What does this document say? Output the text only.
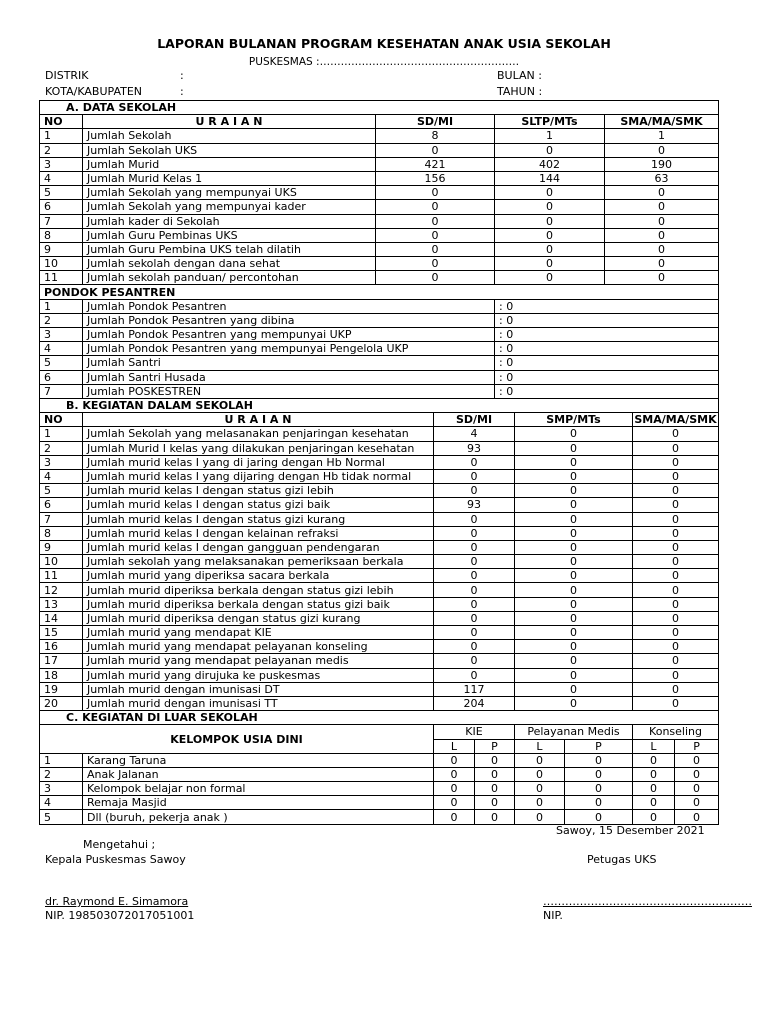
LAPORAN BULANAN PROGRAM KESEHATAN ANAK USIA SEKOLAH
PUSKESMAS :…………………………………………………
DISTRIK	:	BULAN :
KOTA/KABUPATEN	:	TAHUN :
A. DATA SEKOLAH				
NO	U R A I A N	SD/MI	SLTP/MTs	SMA/MA/SMK
1	Jumlah Sekolah	8	1	1
2	Jumlah Sekolah UKS	0	0	0
3	Jumlah Murid	421	402	190
4	Jumlah Murid Kelas 1	156	144	63
5	Jumlah Sekolah yang mempunyai UKS	0	0	0
6	Jumlah Sekolah yang mempunyai kader	0	0	0
7	Jumlah kader di Sekolah	0	0	0
8	Jumlah Guru Pembinas UKS	0	0	0
9	Jumlah Guru Pembina UKS telah dilatih	0	0	0
10	Jumlah sekolah dengan dana sehat	0	0	0
11	Jumlah sekolah panduan/ percontohan	0	0	0
PONDOK PESANTREN				
1	Jumlah Pondok Pesantren		: 0	
2	Jumlah Pondok Pesantren yang dibina		: 0	
3	Jumlah Pondok Pesantren yang mempunyai UKP		: 0	
4	Jumlah Pondok Pesantren yang mempunyai Pengelola UKP		: 0	
5	Jumlah Santri		: 0	
6	Jumlah Santri Husada		: 0	
7	Jumlah POSKESTREN		: 0	
B. KEGIATAN DALAM SEKOLAH							
NO	U R A I A N	SD/MI		SMP/MTs		SMA/MA/SMK	
1	Jumlah Sekolah yang melasanakan penjaringan kesehatan	4		0		0	
2	Jumlah Murid I kelas yang dilakukan penjaringan kesehatan	93		0		0	
3	Jumlah murid kelas I yang di jaring dengan Hb Normal	0		0		0	
4	Jumlah murid kelas I yang dijaring dengan Hb tidak normal	0		0		0	
5	Jumlah murid kelas I dengan status gizi lebih	0		0		0	
6	Jumlah murid kelas I dengan status gizi baik	93		0		0	
7	Jumlah murid kelas I dengan status gizi kurang	0		0		0	
8	Jumlah murid kelas I dengan kelainan refraksi	0		0		0	
9	Jumlah murid kelas I dengan gangguan pendengaran	0		0		0	
10	Jumlah sekolah yang melaksanakan pemeriksaan berkala	0		0		0	
11	Jumlah murid yang diperiksa sacara berkala	0		0		0	
12	Jumlah murid diperiksa berkala dengan status gizi lebih	0		0		0	
13	Jumlah murid diperiksa berkala dengan status gizi baik	0		0		0	
14	Jumlah murid diperiksa dengan status gizi kurang	0		0		0	
15	Jumlah murid yang mendapat KIE	0		0		0	
16	Jumlah murid yang mendapat pelayanan konseling	0		0		0	
17	Jumlah murid yang mendapat pelayanan medis	0		0		0	
18	Jumlah murid yang dirujuka ke puskesmas	0		0		0	
19	Jumlah murid dengan imunisasi DT	117		0		0	
20	Jumlah murid dengan imunisasi TT	204		0		0	
C. KEGIATAN DI LUAR SEKOLAH							
KELOMPOK USIA DINI		KIE		Pelayanan Medis		Konseling	
		L	P	L	P	L	P
1	Karang Taruna	0	0	0	0	0	0
2	Anak Jalanan	0	0	0	0	0	0
3	Kelompok belajar non formal	0	0	0	0	0	0
4	Remaja Masjid	0	0	0	0	0	0
5	Dll (buruh, pekerja anak )	0	0	0	0	0	0
Sawoy, 15 Desember 2021
Mengetahui ;
Kepala Puskesmas Sawoy	Petugas UKS
dr. Raymond E. Simamora
NIP. 198503072017051001
…………………………………………………
NIP.
